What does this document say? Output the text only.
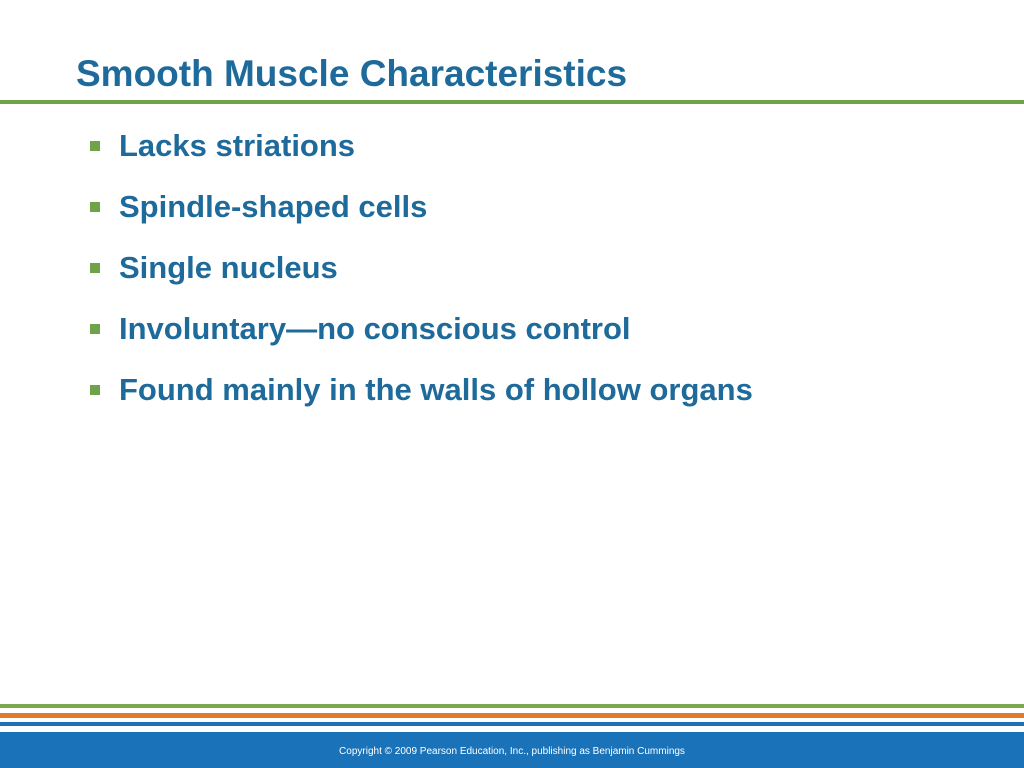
Smooth Muscle Characteristics
Lacks striations
Spindle-shaped cells
Single nucleus
Involuntary—no conscious control
Found mainly in the walls of hollow organs
Copyright © 2009 Pearson Education, Inc., publishing as Benjamin Cummings
